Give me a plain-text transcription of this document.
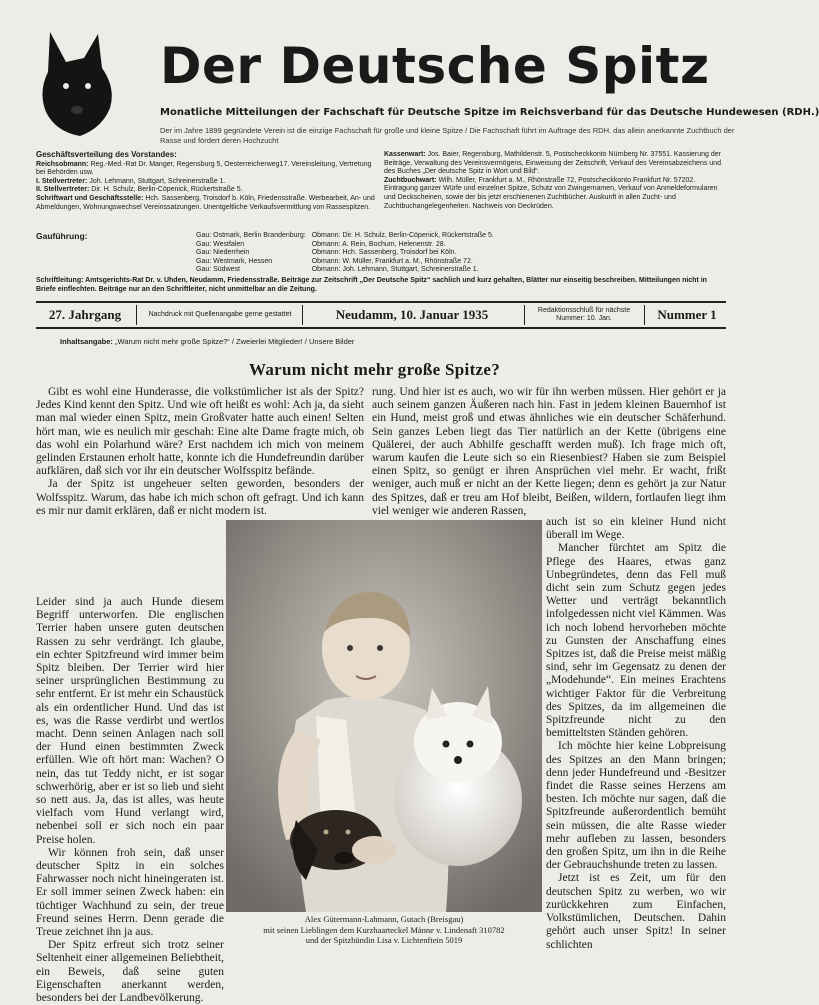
Der Deutsche Spitz
Monatliche Mitteilungen der Fachschaft für Deutsche Spitze im Reichsverband für das Deutsche Hundewesen (RDH.)
Der im Jahre 1899 gegründete Verein ist die einzige Fachschaft für große und kleine Spitze / Die Fachschaft führt im Auftrage des RDH. das allein anerkannte Zuchtbuch der Rasse und fördert deren Hochzucht
Geschäftsverteilung des Vorstandes:
Reichsobmann: Reg.-Med.-Rat Dr. Manger, Regensburg 5, Oesterreicherweg17. Vereinsleitung, Vertretung bei Behörden usw.
I. Stellvertreter: Joh. Lehmann, Stuttgart, Schreinerstraße 1.
II. Stellvertreter: Dir. H. Schulz, Berlin-Cöpenick, Rückertstraße 5.
Schriftwart und Geschäftsstelle: Hch. Sassenberg, Troisdorf b. Köln, Friedensstraße. Werbearbeit, An- und Abmeldungen, Wohnungswechsel Vereinssatzungen. Unentgeltliche Verkaufsvermittlung von Rassespitzen.
Kassenwart: Jos. Baier, Regensburg, Mathildenstr. 5, Postscheckkonto Nürnberg Nr. 37551. Kassierung der Beiträge, Verwaltung des Vereinsvermögens, Einweisung der Zeitschrift, Verkauf des Vereinsabzeichens und des Buches „Der deutsche Spitz in Wort und Bild“.
Zuchtbuchwart: Wilh. Müller, Frankfurt a. M., Rhönstraße 72, Postscheckkonto Frankfurt Nr. 57202. Eintragung ganzer Würfe und einzelner Spitze, Schutz von Zwingernamen, Verkauf von Anmeldeformularen und Deckscheinen, sowie der bis jetzt erschienenen Zuchtbücher. Auskunft in allen Zucht- und Zuchtbuchangelegenheiten. Nachweis von Deckrüden.
Gauführung:	Gau: Ostmark, Berlin Brandenburg:	Obmann: Dir. H. Schulz, Berlin-Cöpenick, Rückertstraße 5.
Gau: Westfalen	Obmann: A. Rein, Bochum, Helenenstr. 28.
Gau: Niederrhein	Obmann: Hch. Sassenberg, Troisdorf bei Köln.
Gau: Westmark, Hessen	Obmann: W. Müller, Frankfurt a. M., Rhönstraße 72.
Gau: Südwest	Obmann: Joh. Lehmann, Stuttgart, Schreinerstraße 1.
Schriftleitung: Amtsgerichts-Rat Dr. v. Uhden, Neudamm, Friedensstraße. Beiträge zur Zeitschrift „Der Deutsche Spitz“ sachlich und kurz gehalten, Blätter nur einseitig beschreiben. Mitteilungen nicht in Briefe einflechten. Beiträge nur an den Schriftleiter, nicht unmittelbar an die Zeitung.
27. Jahrgang	Nachdruck mit Quellenangabe gerne gestattet	Neudamm, 10. Januar 1935	Redaktionsschluß für nächste Nummer: 10. Jan.	Nummer 1
Inhaltsangabe: „Warum nicht mehr große Spitze?“ / Zweierlei Mitglieder! / Unsere Bilder
Warum nicht mehr große Spitze?

Gibt es wohl eine Hunderasse, die volkstümlicher ist als der Spitz? Jedes Kind kennt den Spitz. Und wie oft heißt es wohl: Ach ja, da sieht man mal wieder einen Spitz, mein Großvater hatte auch einen! Selten hört man, wie es neulich mir geschah: Eine alte Dame fragte mich, ob das wohl ein Polarhund wäre? Erst nachdem ich mich von meinem gelinden Erstaunen erholt hatte, konnte ich die Hundefreundin darüber aufklären, daß sich vor ihr ein deutscher Wolfsspitz befände.

Ja der Spitz ist ungeheuer selten geworden, besonders der Wolfsspitz. Warum, das habe ich mich schon oft gefragt. Und ich kann es mir nur damit erklären, daß er nicht modern ist.

Leider sind ja auch Hunde diesem Begriff unterworfen. Die englischen Terrier haben unsere guten deutschen Rassen zu sehr verdrängt. Ich glaube, ein echter Spitzfreund wird immer beim Spitz bleiben. Der Terrier wird hier seiner ursprünglichen Bestimmung zu sehr entfernt. Er ist mehr ein Schaustück als ein ordentlicher Hund. Und das ist es, was die Rasse verdirbt und wertlos macht. Denn seinen Anlagen nach soll der Hund einen bestimmten Zweck erfüllen. Wie oft hört man: Wachen? O nein, das tut Teddy nicht, er ist sogar schwerhörig, aber er ist so lieb und sieht so nett aus. Ja, das ist alles, was heute vielfach vom Hund verlangt wird, nebenbei soll er sich noch ein paar Preise holen.

Wir können froh sein, daß unser deutscher Spitz in ein solches Fahrwasser noch nicht hineingeraten ist. Er soll immer seinen Zweck haben: ein tüchtiger Wachhund zu sein, der treue Freund seines Herrn. Denn gerade die Treue zeichnet ihn ja aus.

Der Spitz erfreut sich trotz seiner Seltenheit einer allgemeinen Beliebtheit, ein Beweis, daß seine guten Eigenschaften anerkannt werden, besonders bei der Landbevölkerung.

rung. Und hier ist es auch, wo wir für ihn werben müssen. Hier gehört er ja auch seinem ganzen Äußeren nach hin. Fast in jedem kleinen Bauernhof ist ein Hund, meist groß und etwas ähnliches wie ein deutscher Schäferhund. Sein ganzes Leben liegt das Tier natürlich an der Kette (übrigens eine Quälerei, der auch Abhilfe geschafft werden muß). Ich frage mich oft, warum kaufen die Leute sich so ein Riesenbiest? Haben sie zum Beispiel einen Spitz, so genügt er ihren Ansprüchen viel mehr. Er wacht, frißt weniger, auch muß er nicht an der Kette liegen; denn es gehört ja zur Natur des Spitzes, daß er treu am Hof bleibt, Beißen, wildern, fortlaufen liegt ihm viel weniger wie anderen Rassen,

auch ist so ein kleiner Hund nicht überall im Wege.

Mancher fürchtet am Spitz die Pflege des Haares, etwas ganz Unbegründetes, denn das Fell muß dicht sein zum Schutz gegen jedes Wetter und verträgt bekanntlich infolgedessen nicht viel Kämmen. Was ich noch lobend hervorheben möchte zu Gunsten der Anschaffung eines Spitzes ist, daß die Preise meist mäßig sind, sehr im Gegensatz zu denen der „Modehunde“. Ein meines Erachtens wichtiger Faktor für die Verbreitung des Spitzes, da im allgemeinen die Spitzfreunde nicht zu den bemitteltsten Ständen gehören.

Ich möchte hier keine Lobpreisung des Spitzes an den Mann bringen; denn jeder Hundefreund und -Besitzer findet die Rasse seines Herzens am besten. Ich möchte nur sagen, daß die Spitzfreunde außerordentlich bemüht sein müssen, die alte Rasse wieder mehr aufleben zu lassen, besonders den großen Spitz, um ihn in die Reihe der Gebrauchshunde treten zu lassen.

Jetzt ist es Zeit, um für den deutschen Spitz zu werben, wo wir zurückkehren zum Einfachen, Volkstümlichen, Deutschen. Dahin gehört auch unser Spitz! In seiner schlichten

Alex Gütermann-Lahmann, Gutach (Breisgau)
mit seinen Lieblingen dem Kurzhaarteckel Männe v. Lindenaft 310782
und der Spitzhündin Lisa v. Lichtenftein 5019
